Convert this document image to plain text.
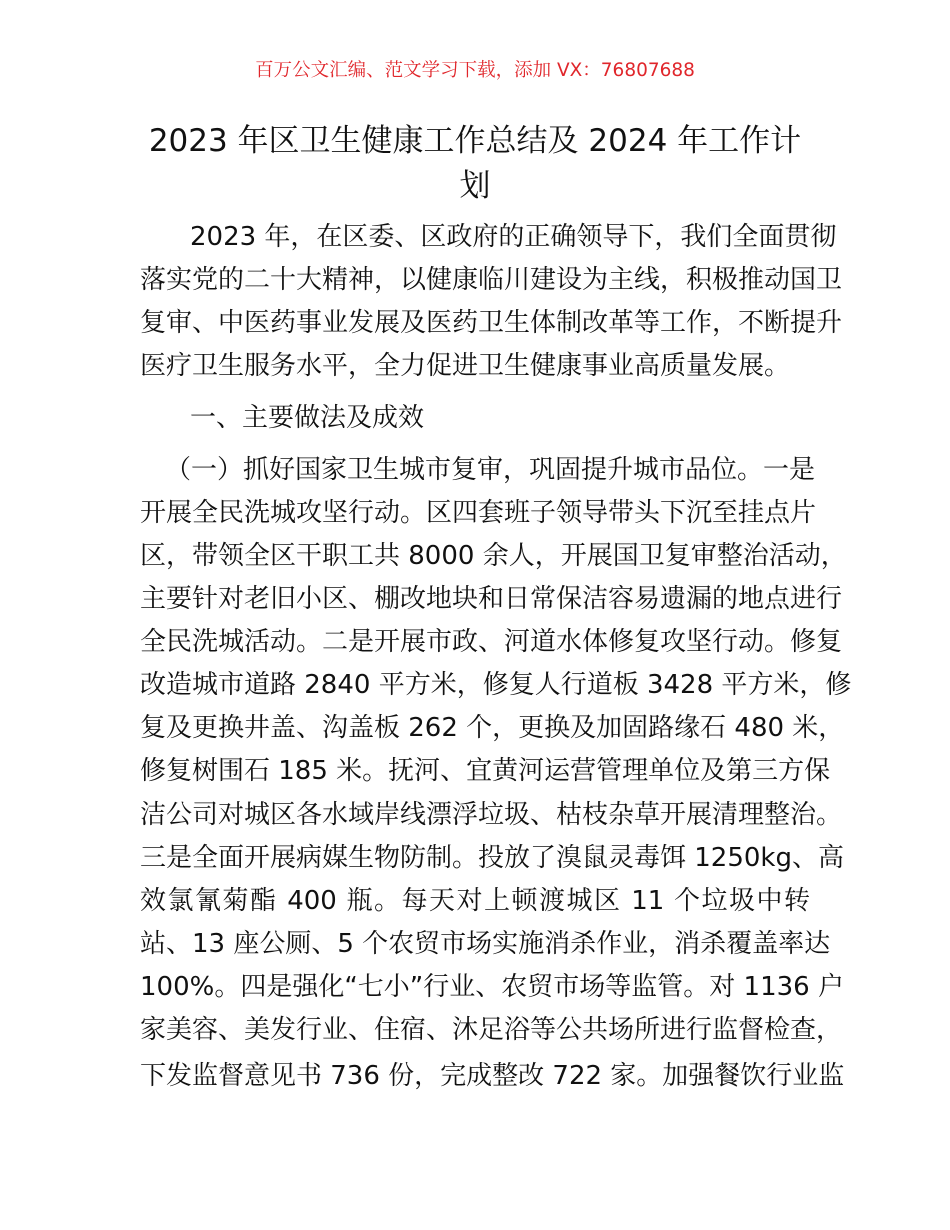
百万公文汇编、范文学习下载，添加 VX：76807688
2023 年区卫生健康工作总结及 2024 年工作计
划
2023 年，在区委、区政府的正确领导下，我们全面贯彻
落实党的二十大精神，以健康临川建设为主线，积极推动国卫
复审、中医药事业发展及医药卫生体制改革等工作，不断提升
医疗卫生服务水平，全力促进卫生健康事业高质量发展。
一、主要做法及成效
（一）抓好国家卫生城市复审，巩固提升城市品位。一是
开展全民洗城攻坚行动。区四套班子领导带头下沉至挂点片
区，带领全区干职工共 8000 余人，开展国卫复审整治活动，
主要针对老旧小区、棚改地块和日常保洁容易遗漏的地点进行
全民洗城活动。二是开展市政、河道水体修复攻坚行动。修复
改造城市道路 2840 平方米，修复人行道板 3428 平方米，修
复及更换井盖、沟盖板 262 个，更换及加固路缘石 480 米，
修复树围石 185 米。抚河、宜黄河运营管理单位及第三方保
洁公司对城区各水域岸线漂浮垃圾、枯枝杂草开展清理整治。
三是全面开展病媒生物防制。投放了溴鼠灵毒饵 1250kg、高
效氯氰菊酯 400 瓶。每天对上顿渡城区 11 个垃圾中转
站、13 座公厕、5 个农贸市场实施消杀作业，消杀覆盖率达
100%。四是强化“七小”行业、农贸市场等监管。对 1136 户
家美容、美发行业、住宿、沐足浴等公共场所进行监督检查，
下发监督意见书 736 份，完成整改 722 家。加强餐饮行业监
